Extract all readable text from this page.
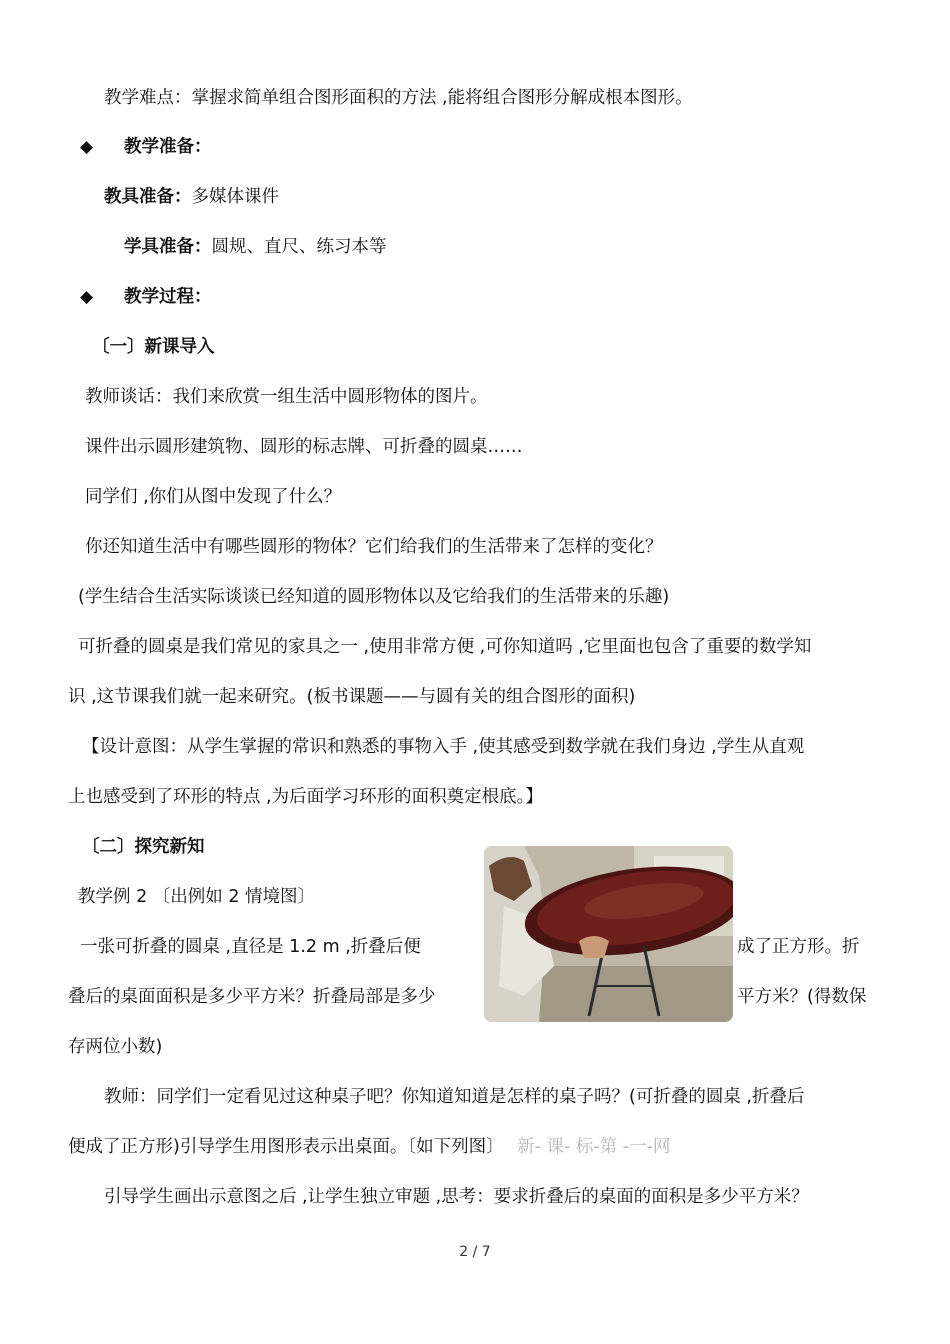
教学难点：掌握求简单组合图形面积的方法 ,能将组合图形分解成根本图形。
◆ 教学准备：
教具准备：多媒体课件
学具准备：圆规、直尺、练习本等
◆ 教学过程：
〔一〕新课导入
教师谈话：我们来欣赏一组生活中圆形物体的图片。
课件出示圆形建筑物、圆形的标志牌、可折叠的圆桌……
同学们 ,你们从图中发现了什么？
你还知道生活中有哪些圆形的物体？它们给我们的生活带来了怎样的变化？
(学生结合生活实际谈谈已经知道的圆形物体以及它给我们的生活带来的乐趣)
可折叠的圆桌是我们常见的家具之一 ,使用非常方便 ,可你知道吗 ,它里面也包含了重要的数学知
识 ,这节课我们就一起来研究。(板书课题——与圆有关的组合图形的面积)
【设计意图：从学生掌握的常识和熟悉的事物入手 ,使其感受到数学就在我们身边 ,学生从直观
上也感受到了环形的特点 ,为后面学习环形的面积奠定根底。】
〔二〕探究新知
教学例 2 〔出例如 2 情境图〕
一张可折叠的圆桌 ,直径是 1.2 m ,折叠后便	成了正方形。折
叠后的桌面面积是多少平方米？折叠局部是多少	平方米？(得数保
存两位小数)
教师：同学们一定看见过这种桌子吧？你知道知道是怎样的桌子吗？(可折叠的圆桌 ,折叠后
便成了正方形)引导学生用图形表示出桌面。〔如下列图〕 新- 课- 标-第 -一-网
引导学生画出示意图之后 ,让学生独立审题 ,思考：要求折叠后的桌面的面积是多少平方米？
2 / 7
